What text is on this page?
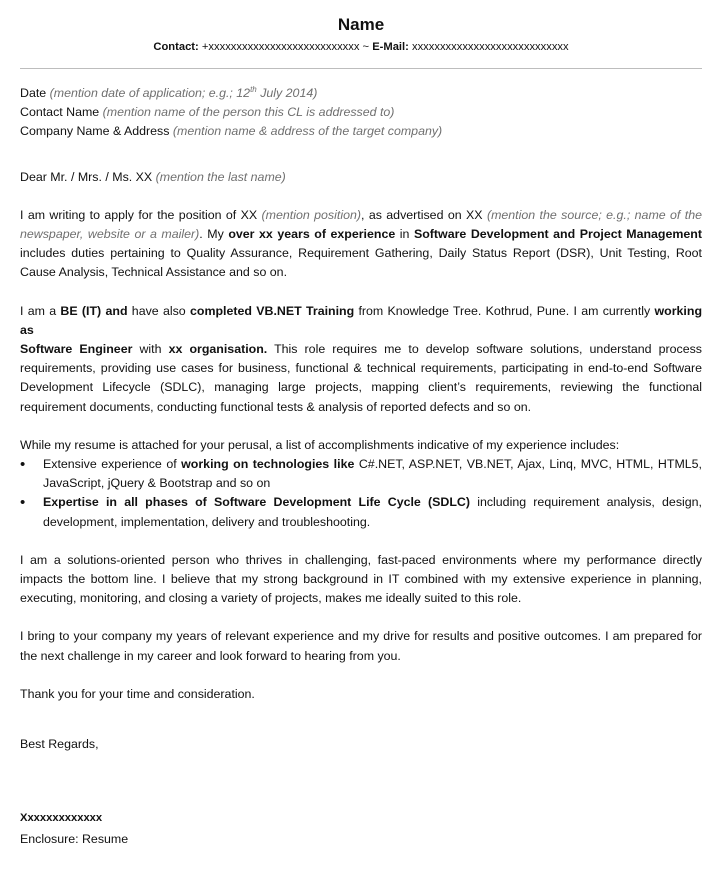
Name
Contact: +xxxxxxxxxxxxxxxxxxxxxxxxxxx ~ E-Mail: xxxxxxxxxxxxxxxxxxxxxxxxxxxx
Date (mention date of application; e.g.; 12th July 2014)
Contact Name (mention name of the person this CL is addressed to)
Company Name & Address (mention name & address of the target company)
Dear Mr. / Mrs. / Ms. XX (mention the last name)

I am writing to apply for the position of XX (mention position), as advertised on XX (mention the source; e.g.; name of the

newspaper, website or a mailer). My over xx years of experience in Software Development and Project Management

includes duties pertaining to Quality Assurance, Requirement Gathering, Daily Status Report (DSR), Unit Testing, Root

Cause Analysis, Technical Assistance and so on.

I am a BE (IT) and have also completed VB.NET Training from Knowledge Tree. Kothrud, Pune. I am currently working as

Software Engineer with xx organisation. This role requires me to develop software solutions, understand process

requirements, providing use cases for business, functional & technical requirements, participating in end-to-end Software

Development Lifecycle (SDLC), managing large projects, mapping client’s requirements, reviewing the functional

requirement documents, conducting functional tests & analysis of reported defects and so on.

While my resume is attached for your perusal, a list of accomplishments indicative of my experience includes:

• Extensive experience of working on technologies like C#.NET, ASP.NET, VB.NET, Ajax, Linq, MVC, HTML, HTML5,

JavaScript, jQuery & Bootstrap and so on

• Expertise in all phases of Software Development Life Cycle (SDLC) including requirement analysis, design,

development, implementation, delivery and troubleshooting.

I am a solutions-oriented person who thrives in challenging, fast-paced environments where my performance directly

impacts the bottom line. I believe that my strong background in IT combined with my extensive experience in planning,

executing, monitoring, and closing a variety of projects, makes me ideally suited to this role.

I bring to your company my years of relevant experience and my drive for results and positive outcomes. I am prepared for

the next challenge in my career and look forward to hearing from you.

Thank you for your time and consideration.

Best Regards,

Xxxxxxxxxxxxx

Enclosure: Resume
